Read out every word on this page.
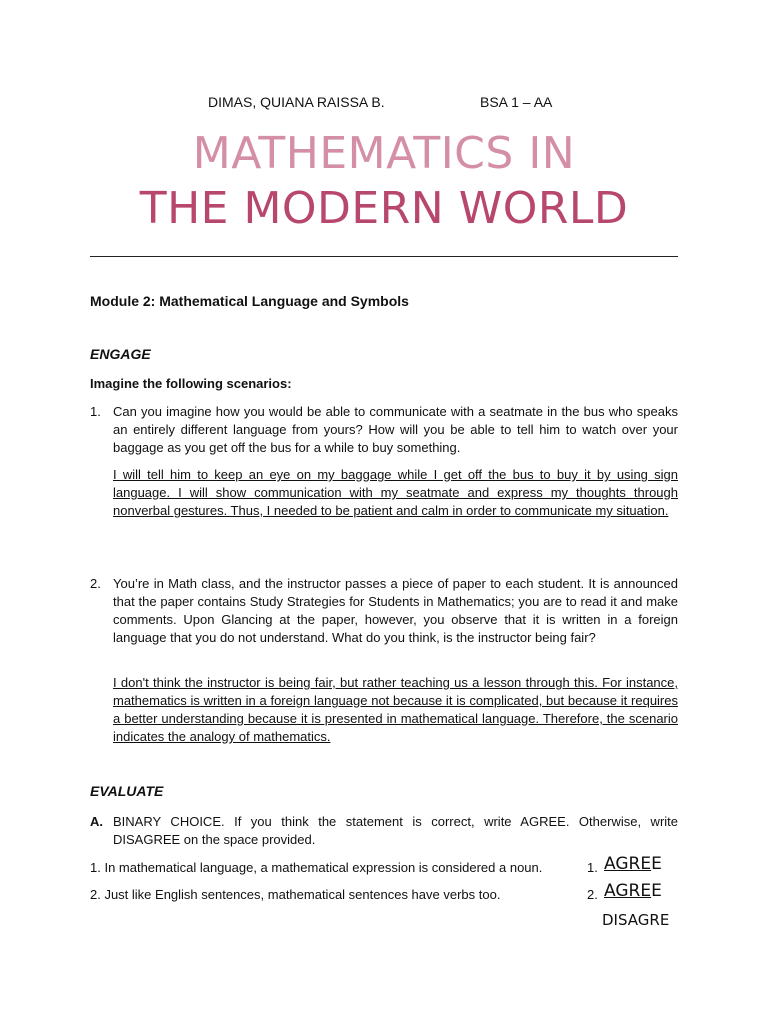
DIMAS, QUIANA RAISSA B.	BSA 1 – AA
MATHEMATICS IN
THE MODERN WORLD
Module 2: Mathematical Language and Symbols
ENGAGE
Imagine the following scenarios:
1. Can you imagine how you would be able to communicate with a seatmate in the bus who speaks an entirely different language from yours? How will you be able to tell him to watch over your baggage as you get off the bus for a while to buy something.
I will tell him to keep an eye on my baggage while I get off the bus to buy it by using sign language. I will show communication with my seatmate and express my thoughts through nonverbal gestures. Thus, I needed to be patient and calm in order to communicate my situation.
2. You’re in Math class, and the instructor passes a piece of paper to each student. It is announced that the paper contains Study Strategies for Students in Mathematics; you are to read it and make comments. Upon Glancing at the paper, however, you observe that it is written in a foreign language that you do not understand. What do you think, is the instructor being fair?
I don't think the instructor is being fair, but rather teaching us a lesson through this. For instance, mathematics is written in a foreign language not because it is complicated, but because it requires a better understanding because it is presented in mathematical language. Therefore, the scenario indicates the analogy of mathematics.
EVALUATE
A. BINARY CHOICE. If you think the statement is correct, write AGREE. Otherwise, write DISAGREE on the space provided.
1. In mathematical language, a mathematical expression is considered a noun.	1. AGREE
2. Just like English sentences, mathematical sentences have verbs too.	2. AGREE
DISAGRE
